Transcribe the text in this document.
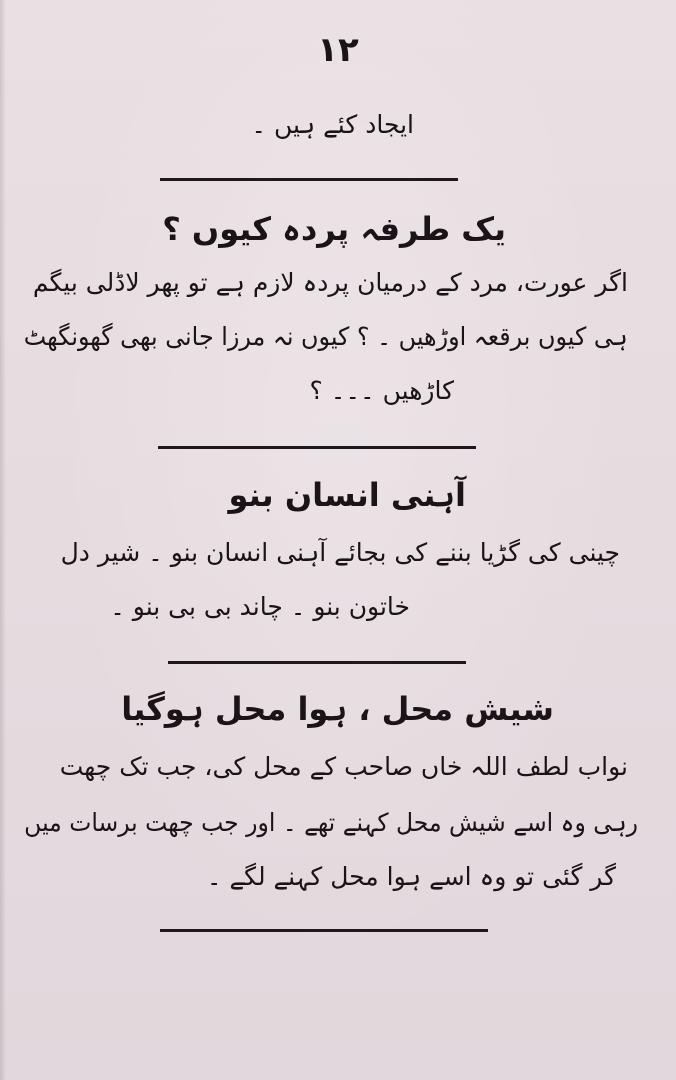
۱۲
ایجاد کئے ہیں ۔
یک طرفہ پردہ کیوں ؟
اگر عورت، مرد کے درمیان پردہ لازم ہے تو پھر لاڈلی بیگم
ہی کیوں برقعہ اوڑھیں ۔ ؟ کیوں نہ مرزا جانی بھی گھونگھٹ
کاڑھیں ۔۔۔ ؟
آہنی انسان بنو
چینی کی گڑیا بننے کی بجائے آہنی انسان بنو ۔ شیر دل
خاتون بنو ۔ چاند بی بی بنو ۔
شیش محل ، ہوا محل ہوگیا
نواب لطف اللہ خاں صاحب کے محل کی، جب تک چھت
رہی وہ اسے شیش محل کہنے تھے ۔ اور جب چھت برسات میں
گر گئی تو وہ اسے ہوا محل کہنے لگے ۔
